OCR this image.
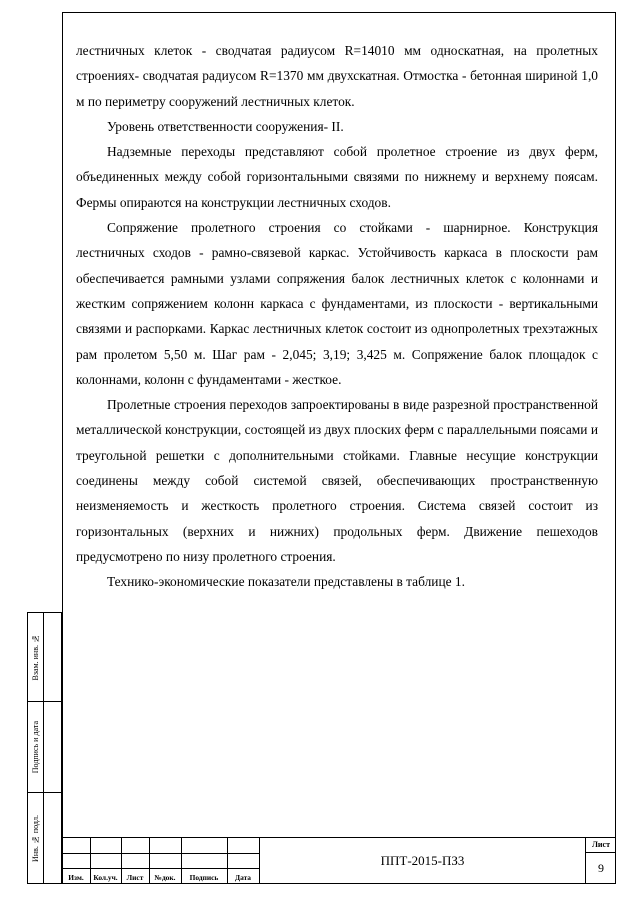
лестничных клеток - сводчатая радиусом R=14010 мм односкатная, на пролетных строениях- сводчатая радиусом R=1370 мм двухскатная. Отмостка - бетонная шириной 1,0 м по периметру сооружений лестничных клеток.

Уровень ответственности сооружения- II.

Надземные переходы представляют собой пролетное строение из двух ферм, объединенных между собой горизонтальными связями по нижнему и верхнему поясам. Фермы опираются на конструкции лестничных сходов.

Сопряжение пролетного строения со стойками - шарнирное. Конструкция лестничных сходов - рамно-связевой каркас. Устойчивость каркаса в плоскости рам обеспечивается рамными узлами сопряжения балок лестничных клеток с колоннами и жестким сопряжением колонн каркаса с фундаментами, из плоскости - вертикальными связями и распорками. Каркас лестничных клеток состоит из однопролетных трехэтажных рам пролетом 5,50 м. Шаг рам - 2,045; 3,19; 3,425 м. Сопряжение балок площадок с колоннами, колонн с фундаментами - жесткое.

Пролетные строения переходов запроектированы в виде разрезной пространственной металлической конструкции, состоящей из двух плоских ферм с параллельными поясами и треугольной решетки с дополнительными стойками. Главные несущие конструкции соединены между собой системой связей, обеспечивающих пространственную неизменяемость и жесткость пролетного строения. Система связей состоит из горизонтальных (верхних и нижних) продольных ферм. Движение пешеходов предусмотрено по низу пролетного строения.

Технико-экономические показатели представлены в таблице 1.

Взам. инв. №
Подпись и дата
Инв. № подл.
Изм.	Кол.уч.	Лист	№док.	Подпись	Дата
ППТ-2015-ПЗ3
Лист
9
